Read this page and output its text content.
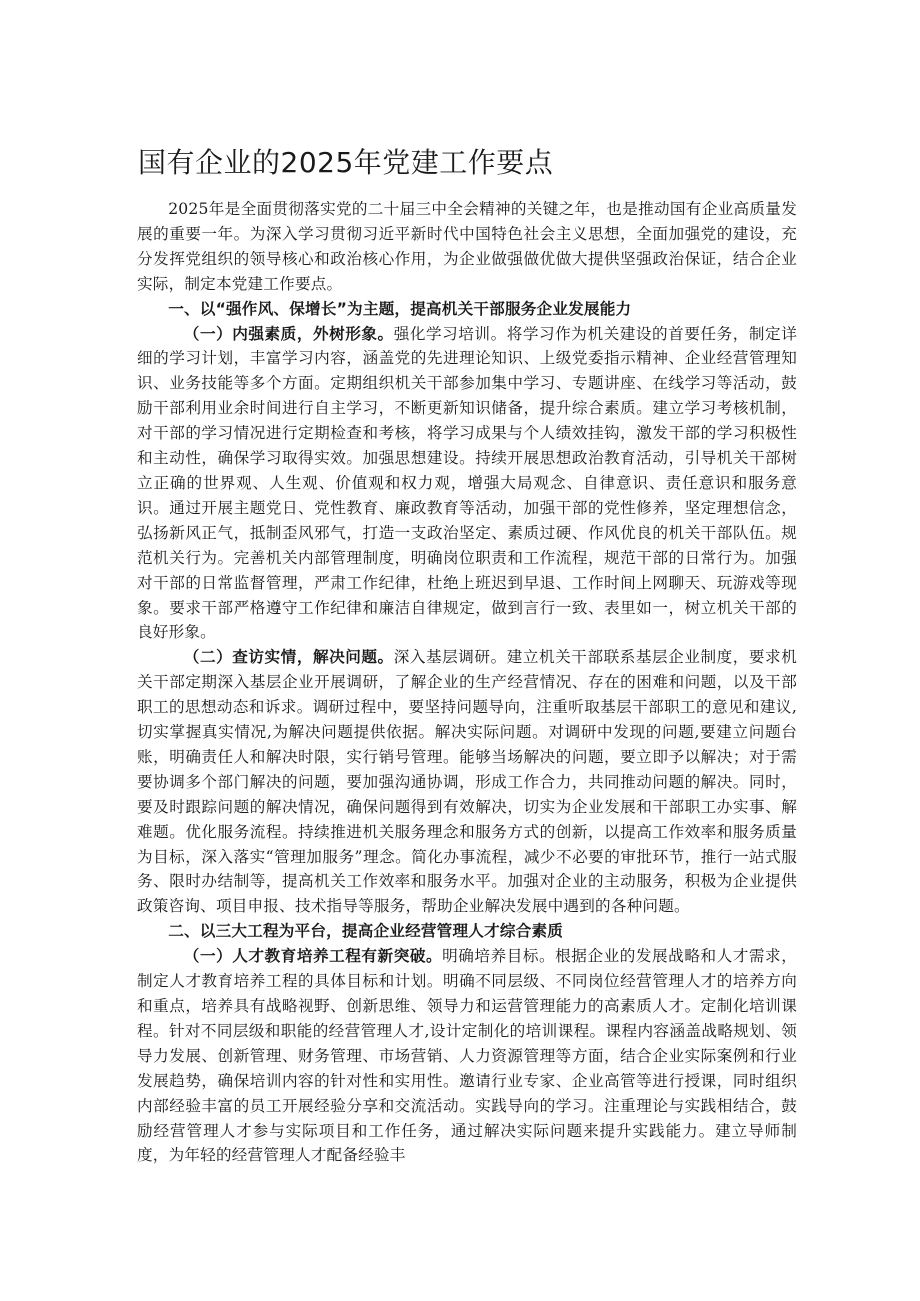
国有企业的2025年党建工作要点

2025年是全面贯彻落实党的二十届三中全会精神的关键之年，也是推动国有企业高质量发展的重要一年。为深入学习贯彻习近平新时代中国特色社会主义思想，全面加强党的建设，充分发挥党组织的领导核心和政治核心作用，为企业做强做优做大提供坚强政治保证，结合企业实际，制定本党建工作要点。

一、以“强作风、保增长”为主题，提高机关干部服务企业发展能力

（一）内强素质，外树形象。强化学习培训。将学习作为机关建设的首要任务，制定详细的学习计划，丰富学习内容，涵盖党的先进理论知识、上级党委指示精神、企业经营管理知识、业务技能等多个方面。定期组织机关干部参加集中学习、专题讲座、在线学习等活动，鼓励干部利用业余时间进行自主学习，不断更新知识储备，提升综合素质。建立学习考核机制，对干部的学习情况进行定期检查和考核，将学习成果与个人绩效挂钩，激发干部的学习积极性和主动性，确保学习取得实效。加强思想建设。持续开展思想政治教育活动，引导机关干部树立正确的世界观、人生观、价值观和权力观，增强大局观念、自律意识、责任意识和服务意识。通过开展主题党日、党性教育、廉政教育等活动，加强干部的党性修养，坚定理想信念，弘扬新风正气，抵制歪风邪气，打造一支政治坚定、素质过硬、作风优良的机关干部队伍。规范机关行为。完善机关内部管理制度，明确岗位职责和工作流程，规范干部的日常行为。加强对干部的日常监督管理，严肃工作纪律，杜绝上班迟到早退、工作时间上网聊天、玩游戏等现象。要求干部严格遵守工作纪律和廉洁自律规定，做到言行一致、表里如一，树立机关干部的良好形象。

（二）查访实情，解决问题。深入基层调研。建立机关干部联系基层企业制度，要求机关干部定期深入基层企业开展调研，了解企业的生产经营情况、存在的困难和问题，以及干部职工的思想动态和诉求。调研过程中，要坚持问题导向，注重听取基层干部职工的意见和建议,切实掌握真实情况,为解决问题提供依据。解决实际问题。对调研中发现的问题,要建立问题台账，明确责任人和解决时限，实行销号管理。能够当场解决的问题，要立即予以解决；对于需要协调多个部门解决的问题，要加强沟通协调，形成工作合力，共同推动问题的解决。同时，要及时跟踪问题的解决情况，确保问题得到有效解决，切实为企业发展和干部职工办实事、解难题。优化服务流程。持续推进机关服务理念和服务方式的创新，以提高工作效率和服务质量为目标，深入落实“管理加服务”理念。简化办事流程，减少不必要的审批环节，推行一站式服务、限时办结制等，提高机关工作效率和服务水平。加强对企业的主动服务，积极为企业提供政策咨询、项目申报、技术指导等服务，帮助企业解决发展中遇到的各种问题。

二、以三大工程为平台，提高企业经营管理人才综合素质

（一）人才教育培养工程有新突破。明确培养目标。根据企业的发展战略和人才需求，制定人才教育培养工程的具体目标和计划。明确不同层级、不同岗位经营管理人才的培养方向和重点，培养具有战略视野、创新思维、领导力和运营管理能力的高素质人才。定制化培训课程。针对不同层级和职能的经营管理人才,设计定制化的培训课程。课程内容涵盖战略规划、领导力发展、创新管理、财务管理、市场营销、人力资源管理等方面，结合企业实际案例和行业发展趋势，确保培训内容的针对性和实用性。邀请行业专家、企业高管等进行授课，同时组织内部经验丰富的员工开展经验分享和交流活动。实践导向的学习。注重理论与实践相结合，鼓励经营管理人才参与实际项目和工作任务，通过解决实际问题来提升实践能力。建立导师制度，为年轻的经营管理人才配备经验丰
